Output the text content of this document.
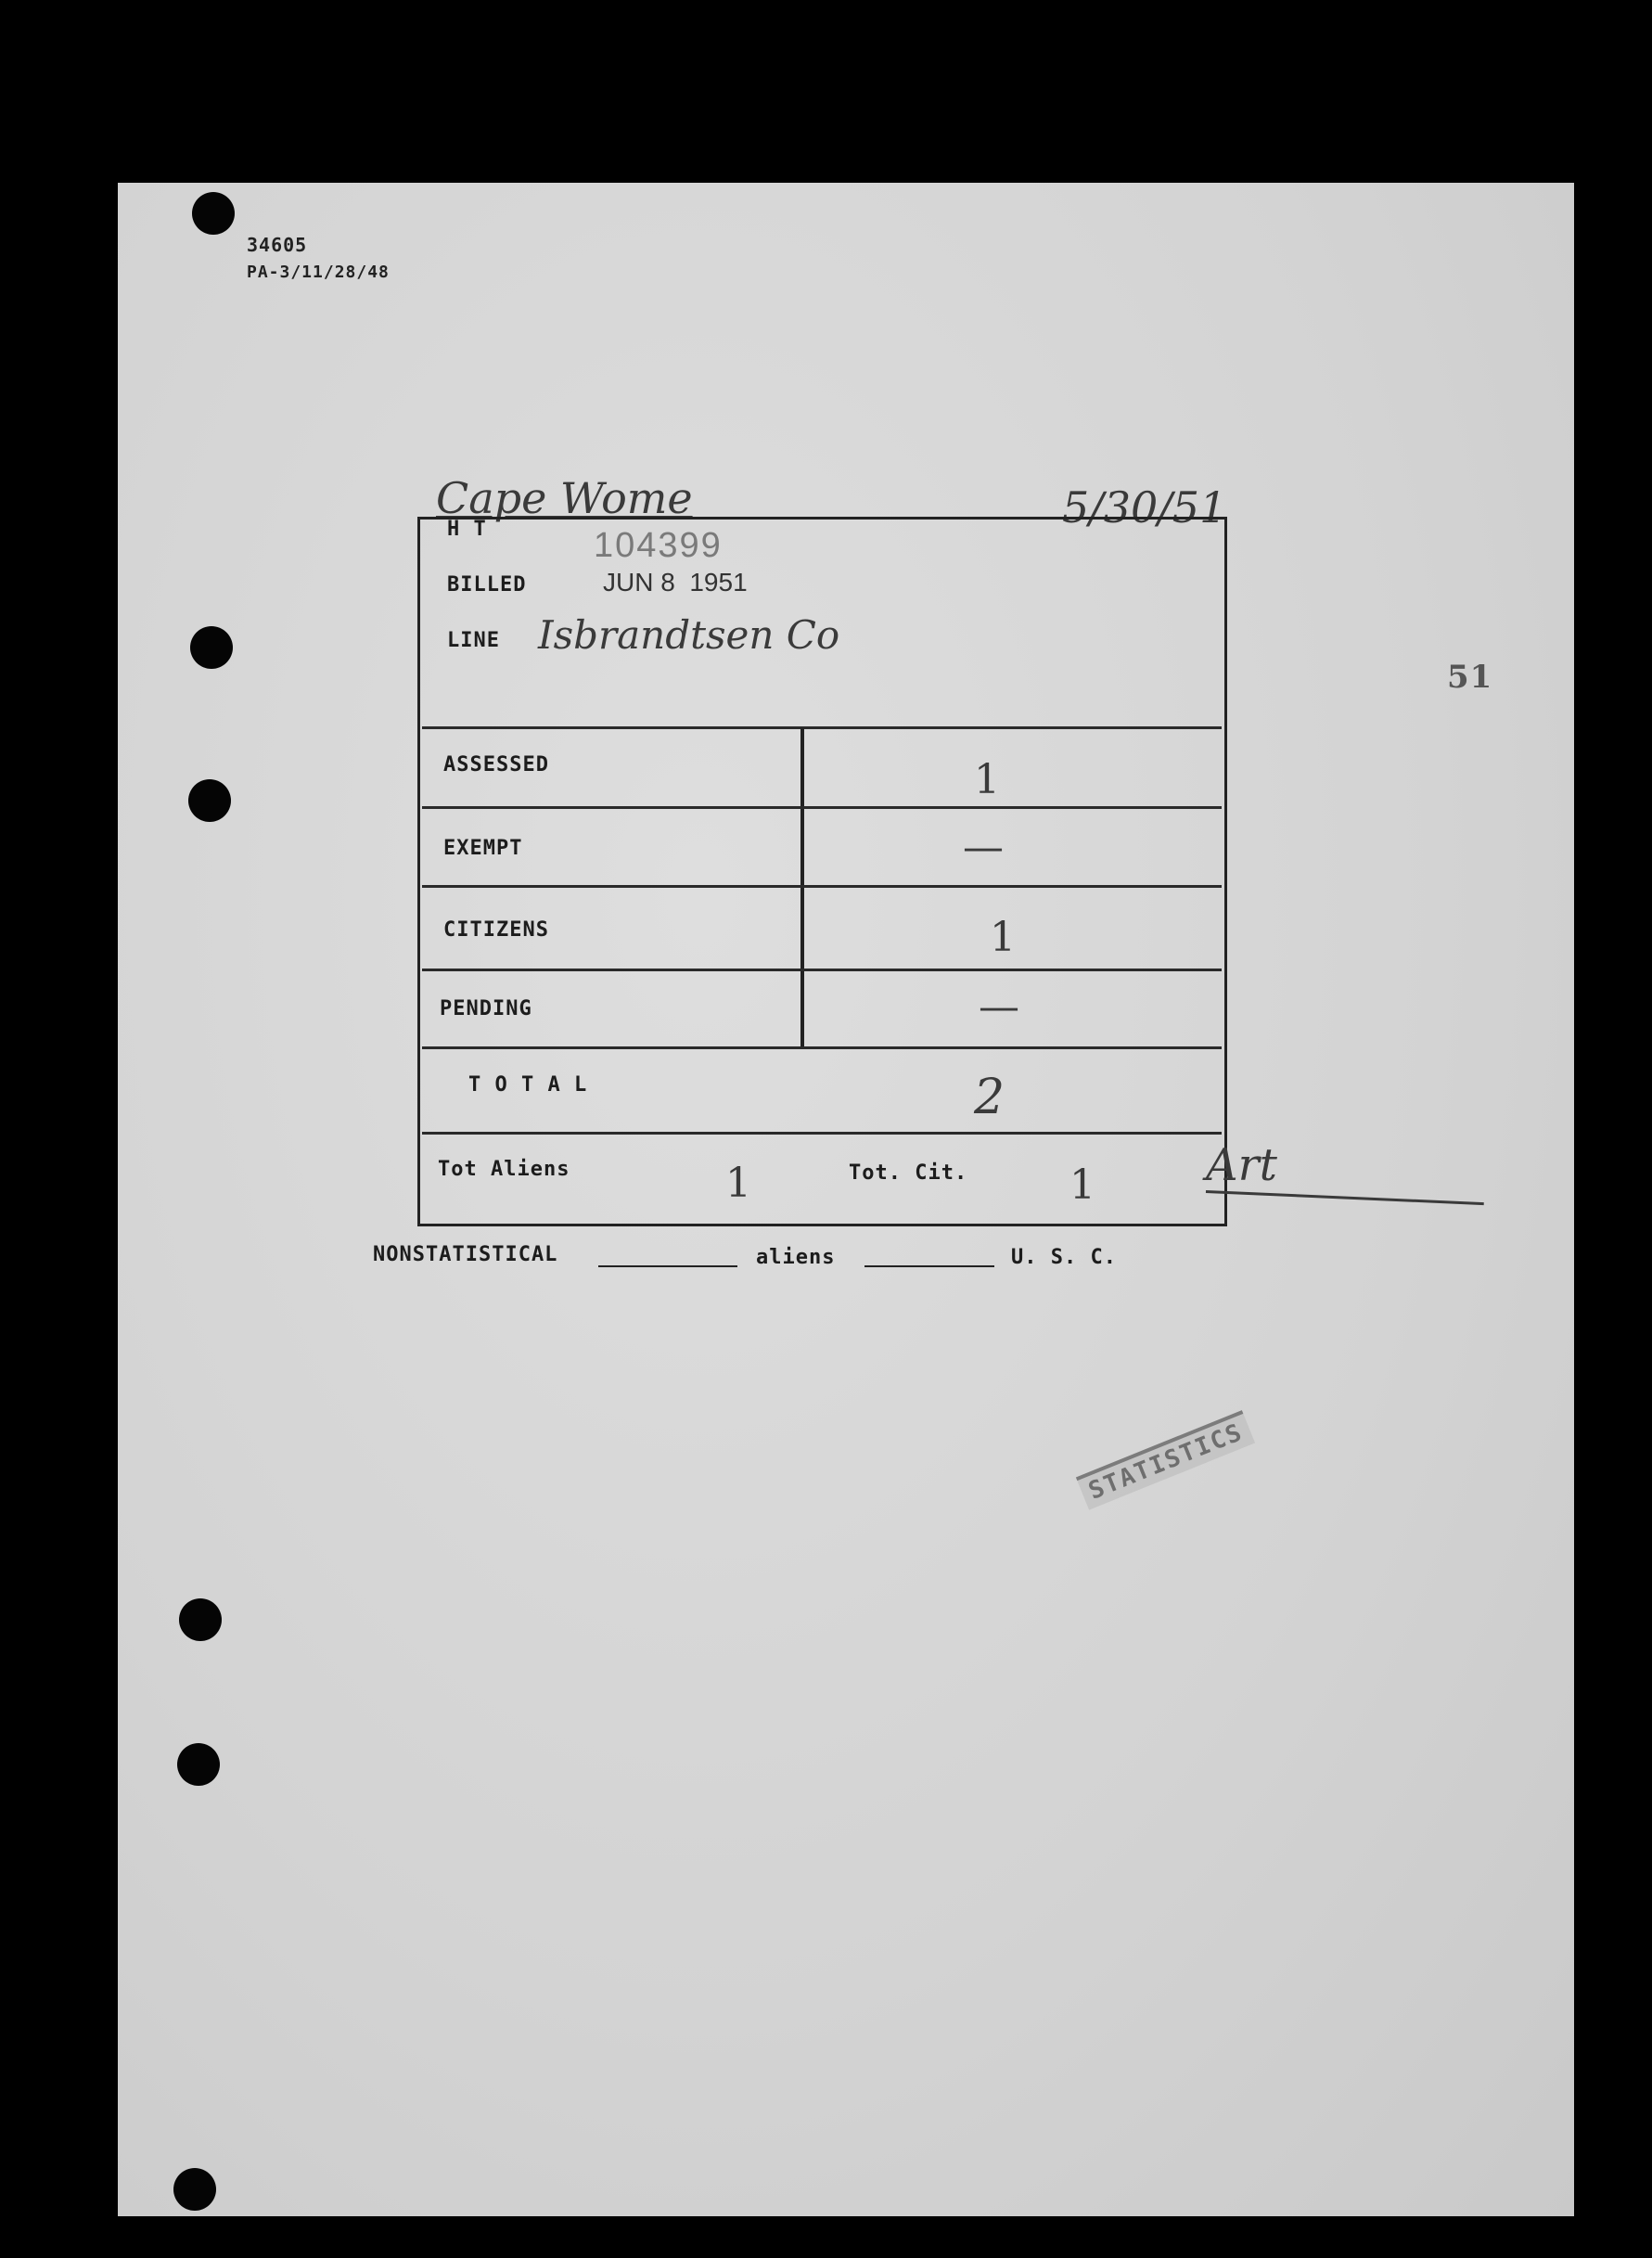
34605
PA-3/11/28/48
Cape Wome	5/30/51
51
H T	104399
BILLED	JUN 8  1951
LINE Isbrandtsen Co
ASSESSED	1
EXEMPT	—
CITIZENS	1
PENDING	—
T O T A L	2
Tot Aliens	1	Tot. Cit. 1 Art
NONSTATISTICAL	aliens	U. S. C.
STATISTICS
